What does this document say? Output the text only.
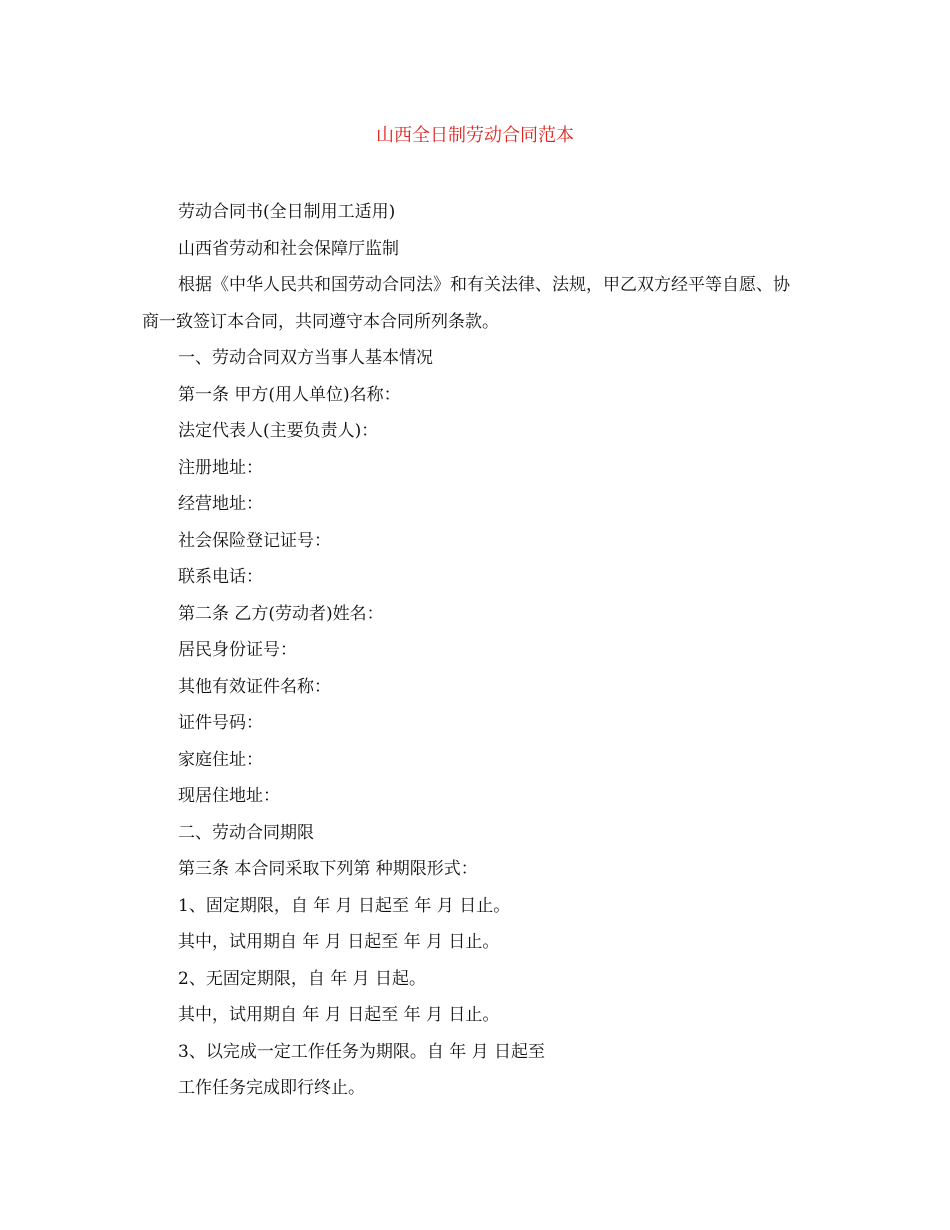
山西全日制劳动合同范本

劳动合同书(全日制用工适用)

山西省劳动和社会保障厅监制

根据《中华人民共和国劳动合同法》和有关法律、法规，甲乙双方经平等自愿、协商一致签订本合同，共同遵守本合同所列条款。

一、劳动合同双方当事人基本情况

第一条 甲方(用人单位)名称：

法定代表人(主要负责人)：

注册地址：

经营地址：

社会保险登记证号：

联系电话：

第二条 乙方(劳动者)姓名：

居民身份证号：

其他有效证件名称：

证件号码：

家庭住址：

现居住地址：

二、劳动合同期限

第三条 本合同采取下列第 种期限形式：

1、固定期限，自 年 月 日起至 年 月 日止。

其中，试用期自 年 月 日起至 年 月 日止。

2、无固定期限，自 年 月 日起。

其中，试用期自 年 月 日起至 年 月 日止。

3、以完成一定工作任务为期限。自 年 月 日起至

工作任务完成即行终止。
